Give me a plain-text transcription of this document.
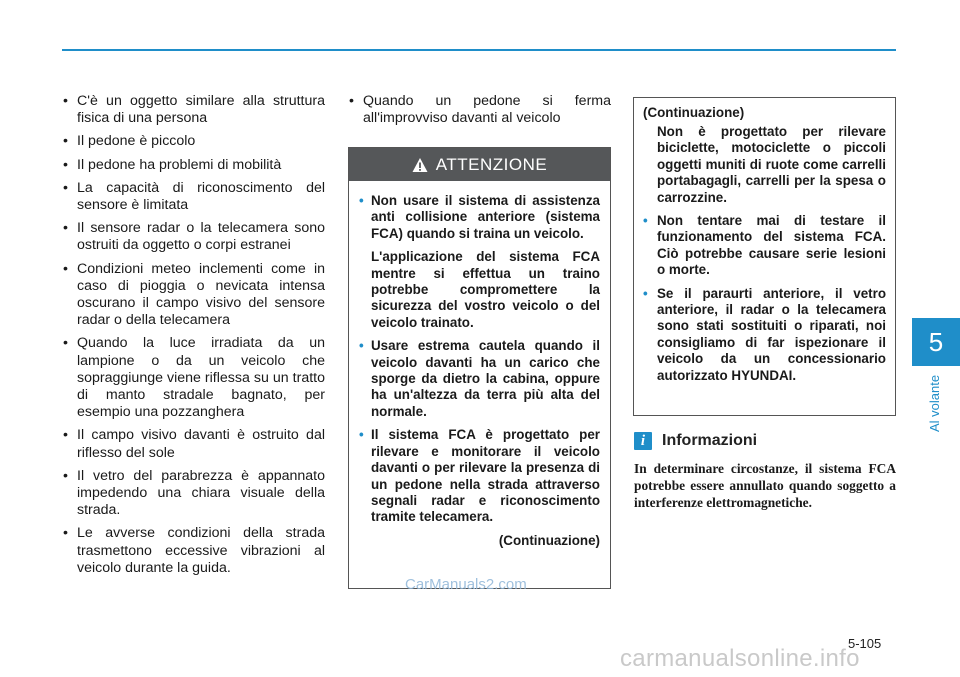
• C'è un oggetto similare alla struttura fisica di una persona
• Il pedone è piccolo
• Il pedone ha problemi di mobilità
• La capacità di riconoscimento del sensore è limitata
• Il sensore radar o la telecamera sono ostruiti da oggetto o corpi estranei
• Condizioni meteo inclementi come in caso di pioggia o nevicata intensa oscurano il campo visivo del sensore radar o della telecamera
• Quando la luce irradiata da un lampione o da un veicolo che sopraggiunge viene riflessa su un tratto di manto stradale bagnato, per esempio una pozzanghera
• Il campo visivo davanti è ostruito dal riflesso del sole
• Il vetro del parabrezza è appannato impedendo una chiara visuale della strada.
• Le avverse condizioni della strada trasmettono eccessive vibrazioni al veicolo durante la guida.
• Quando un pedone si ferma all'improvviso davanti al veicolo
ATTENZIONE

• Non usare il sistema di assistenza anti collisione anteriore (sistema FCA) quando si traina un veicolo.

L'applicazione del sistema FCA mentre si effettua un traino potrebbe compromettere la sicurezza del vostro veicolo o del veicolo trainato.

• Usare estrema cautela quando il veicolo davanti ha un carico che sporge da dietro la cabina, oppure ha un'altezza da terra più alta del normale.

• Il sistema FCA è progettato per rilevare e monitorare il veicolo davanti o per rilevare la presenza di un pedone nella strada attraverso segnali radar e riconoscimento tramite telecamera.

(Continuazione)

(Continuazione)

Non è progettato per rilevare biciclette, motociclette o piccoli oggetti muniti di ruote come carrelli portabagagli, carrelli per la spesa o carrozzine.

• Non tentare mai di testare il funzionamento del sistema FCA. Ciò potrebbe causare serie lesioni o morte.

• Se il paraurti anteriore, il vetro anteriore, il radar o la telecamera sono stati sostituiti o riparati, noi consigliamo di far ispezionare il veicolo da un concessionario autorizzato HYUNDAI.

i	Informazioni
In determinare circostanze, il sistema FCA potrebbe essere annullato quando soggetto a interferenze elettromagnetiche.
5
Al volante
5-105
CarManuals2.com
carmanualsonline.info
